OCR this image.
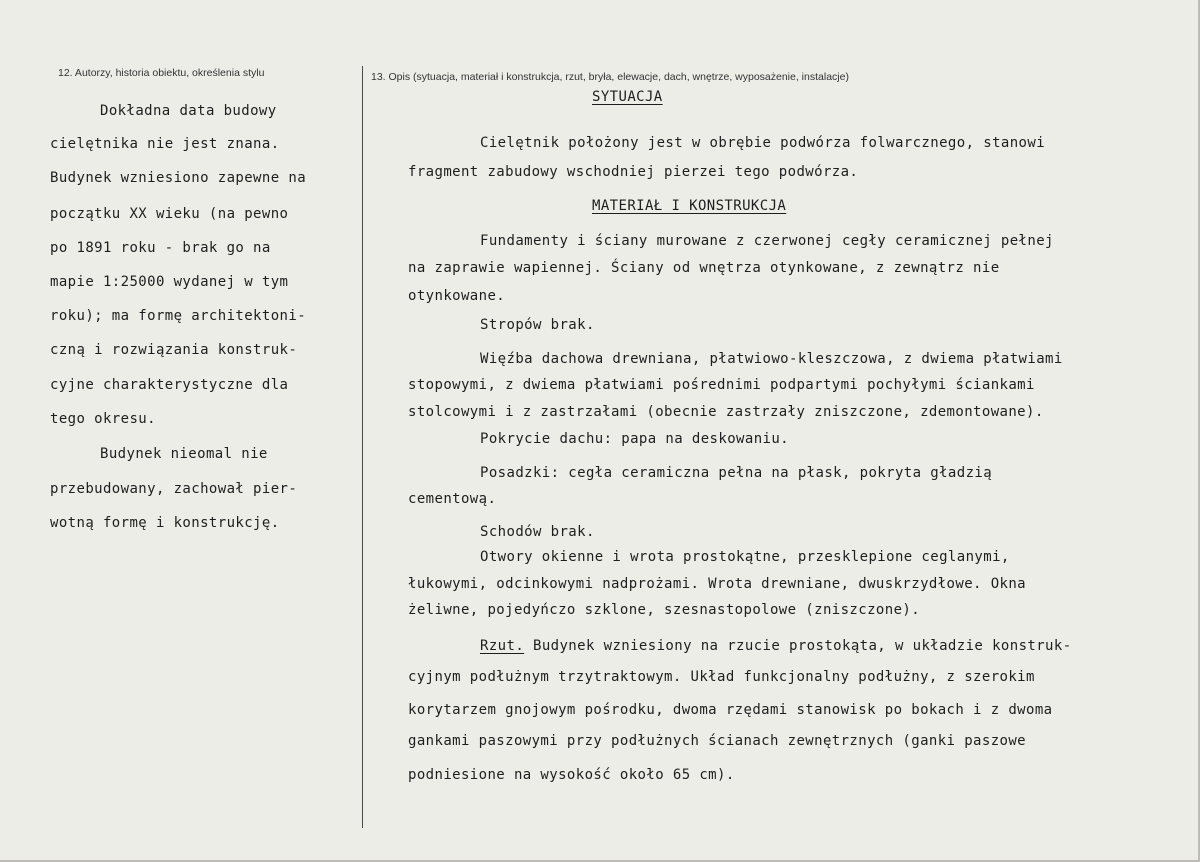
12. Autorzy, historia obiektu, określenia stylu	13. Opis (sytuacja, materiał i konstrukcja, rzut, bryła, elewacje, dach, wnętrze, wyposażenie, instalacje)
Dokładna data budowy
cielętnika nie jest znana.
Budynek wzniesiono zapewne na
początku XX wieku (na pewno
po 1891 roku - brak go na
mapie 1:25000 wydanej w tym
roku); ma formę architektoni-
czną i rozwiązania konstruk-
cyjne charakterystyczne dla
tego okresu.
Budynek nieomal nie
przebudowany, zachował pier-
wotną formę i konstrukcję.
SYTUACJA
Cielętnik położony jest w obrębie podwórza folwarcznego, stanowi
fragment zabudowy wschodniej pierzei tego podwórza.
MATERIAŁ I KONSTRUKCJA
Fundamenty i ściany murowane z czerwonej cegły ceramicznej pełnej
na zaprawie wapiennej. Ściany od wnętrza otynkowane, z zewnątrz nie
otynkowane.
Stropów brak.
Więźba dachowa drewniana, płatwiowo-kleszczowa, z dwiema płatwiami
stopowymi, z dwiema płatwiami pośrednimi podpartymi pochyłymi ściankami
stolcowymi i z zastrzałami (obecnie zastrzały zniszczone, zdemontowane).
Pokrycie dachu: papa na deskowaniu.
Posadzki: cegła ceramiczna pełna na płask, pokryta gładzią
cementową.
Schodów brak.
Otwory okienne i wrota prostokątne, przesklepione ceglanymi,
łukowymi, odcinkowymi nadprożami. Wrota drewniane, dwuskrzydłowe. Okna
żeliwne, pojedyńczo szklone, szesnastopolowe (zniszczone).
Rzut. Budynek wzniesiony na rzucie prostokąta, w układzie konstruk-
cyjnym podłużnym trzytraktowym. Układ funkcjonalny podłużny, z szerokim
korytarzem gnojowym pośrodku, dwoma rzędami stanowisk po bokach i z dwoma
gankami paszowymi przy podłużnych ścianach zewnętrznych (ganki paszowe
podniesione na wysokość około 65 cm).
